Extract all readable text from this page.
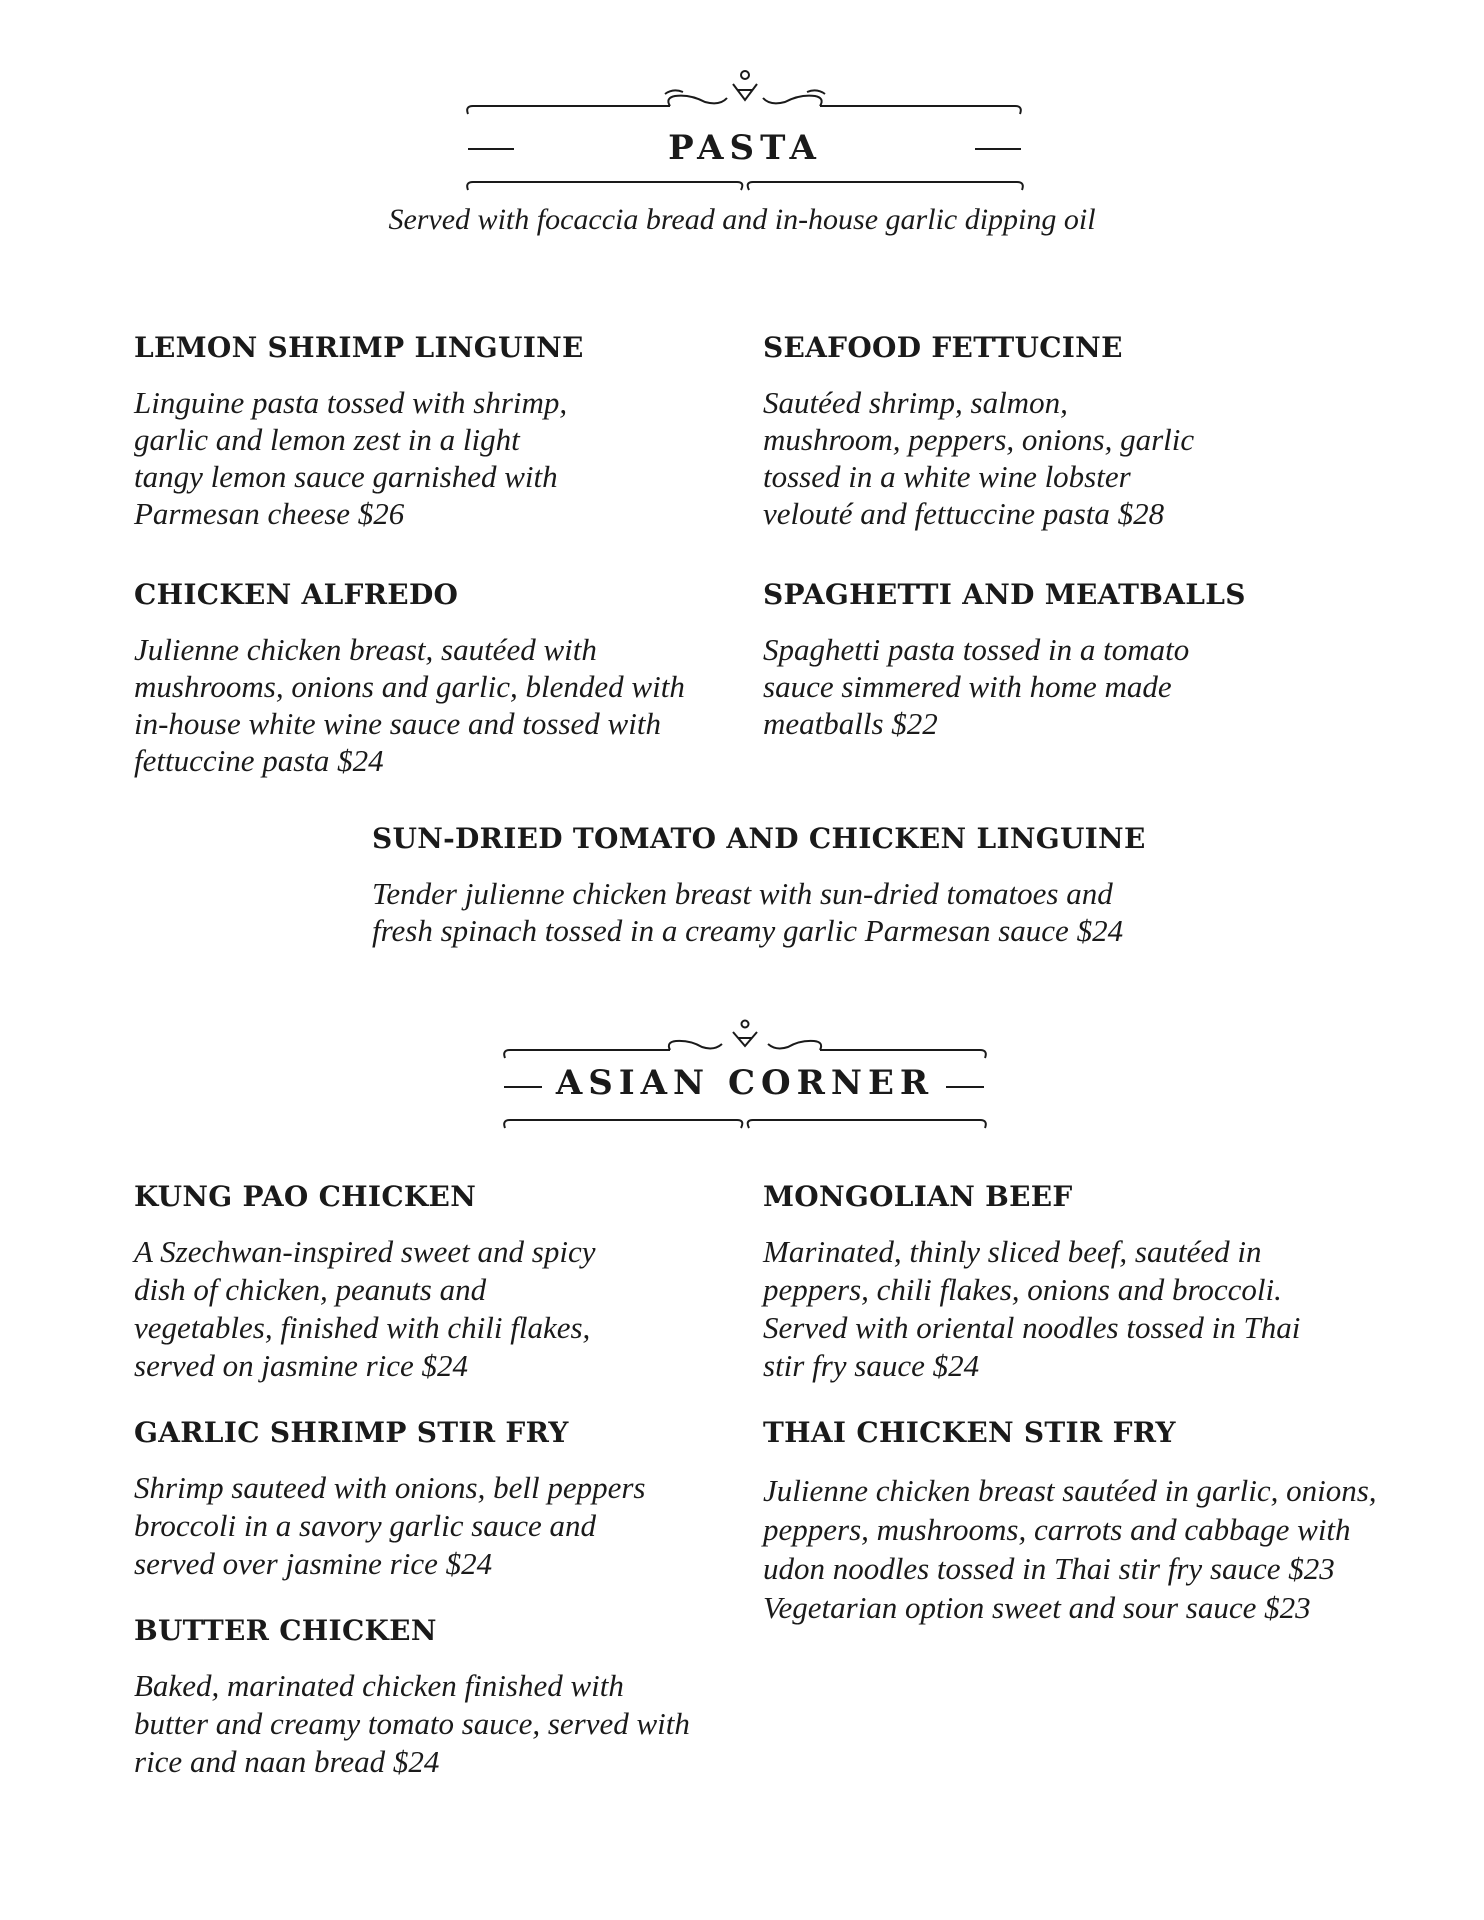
PASTA
Served with focaccia bread and in-house garlic dipping oil
LEMON SHRIMP LINGUINE
Linguine pasta tossed with shrimp,
garlic and lemon zest in a light
tangy lemon sauce garnished with
Parmesan cheese $26
SEAFOOD FETTUCINE
Sautéed shrimp, salmon,
mushroom, peppers, onions, garlic
tossed in a white wine lobster
velouté and fettuccine pasta $28
CHICKEN ALFREDO
Julienne chicken breast, sautéed with
mushrooms, onions and garlic, blended with
in-house white wine sauce and tossed with
fettuccine pasta $24
SPAGHETTI AND MEATBALLS
Spaghetti pasta tossed in a tomato
sauce simmered with home made
meatballs $22
SUN-DRIED TOMATO AND CHICKEN LINGUINE
Tender julienne chicken breast with sun-dried tomatoes and
fresh spinach tossed in a creamy garlic Parmesan sauce $24
ASIAN CORNER
KUNG PAO CHICKEN
A Szechwan-inspired sweet and spicy
dish of chicken, peanuts and
vegetables, finished with chili flakes,
served on jasmine rice $24
MONGOLIAN BEEF
Marinated, thinly sliced beef, sautéed in
peppers, chili flakes, onions and broccoli.
Served with oriental noodles tossed in Thai
stir fry sauce $24
GARLIC SHRIMP STIR FRY
Shrimp sauteed with onions, bell peppers
broccoli in a savory garlic sauce and
served over jasmine rice $24
THAI CHICKEN STIR FRY
Julienne chicken breast sautéed in garlic, onions,
peppers, mushrooms, carrots and cabbage with
udon noodles tossed in Thai stir fry sauce $23
Vegetarian option sweet and sour sauce $23
BUTTER CHICKEN
Baked, marinated chicken finished with
butter and creamy tomato sauce, served with
rice and naan bread $24
